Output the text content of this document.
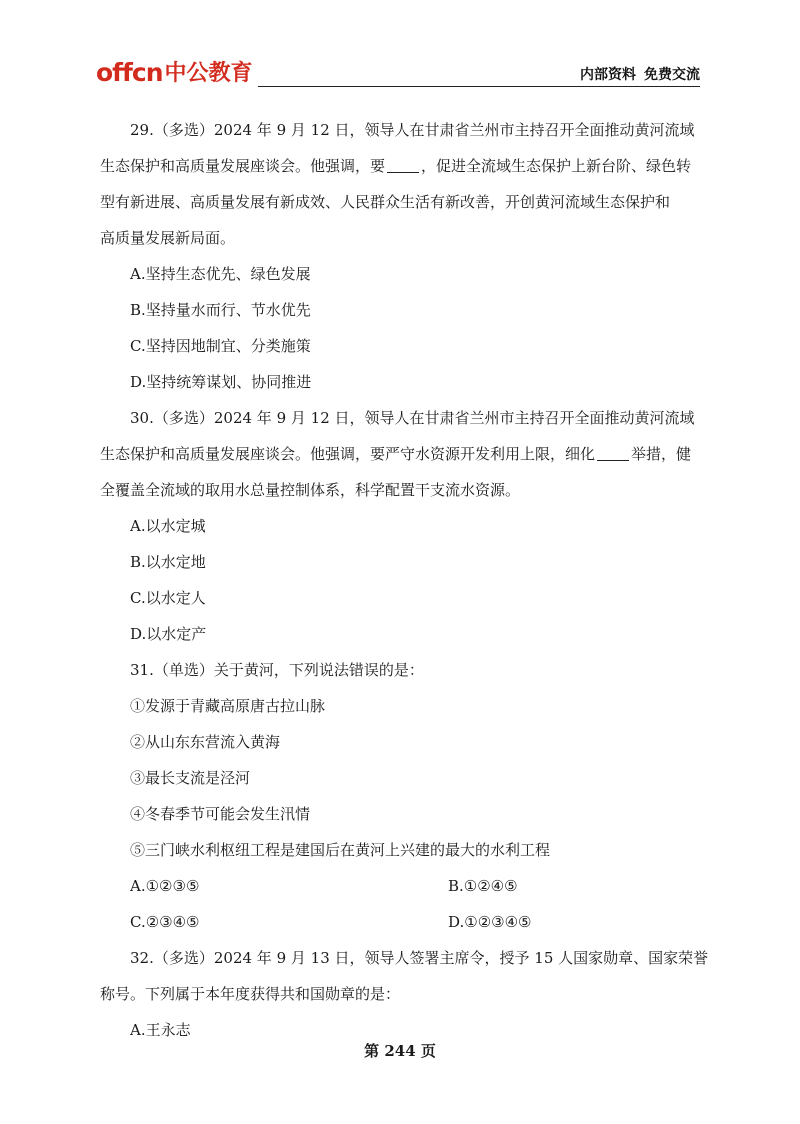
offcn中公教育	内部资料 免费交流
29.（多选）2024 年 9 月 12 日，领导人在甘肃省兰州市主持召开全面推动黄河流域
生态保护和高质量发展座谈会。他强调，要 ，促进全流域生态保护上新台阶、绿色转
型有新进展、高质量发展有新成效、人民群众生活有新改善，开创黄河流域生态保护和
高质量发展新局面。
A.坚持生态优先、绿色发展
B.坚持量水而行、节水优先
C.坚持因地制宜、分类施策
D.坚持统筹谋划、协同推进
30.（多选）2024 年 9 月 12 日，领导人在甘肃省兰州市主持召开全面推动黄河流域
生态保护和高质量发展座谈会。他强调，要严守水资源开发利用上限，细化 举措，健
全覆盖全流域的取用水总量控制体系，科学配置干支流水资源。
A.以水定城
B.以水定地
C.以水定人
D.以水定产
31.（单选）关于黄河，下列说法错误的是：
①发源于青藏高原唐古拉山脉
②从山东东营流入黄海
③最长支流是泾河
④冬春季节可能会发生汛情
⑤三门峡水利枢纽工程是建国后在黄河上兴建的最大的水利工程
A.①②③⑤	B.①②④⑤
C.②③④⑤	D.①②③④⑤
32.（多选）2024 年 9 月 13 日，领导人签署主席令，授予 15 人国家勋章、国家荣誉
称号。下列属于本年度获得共和国勋章的是：
A.王永志
第 244 页
